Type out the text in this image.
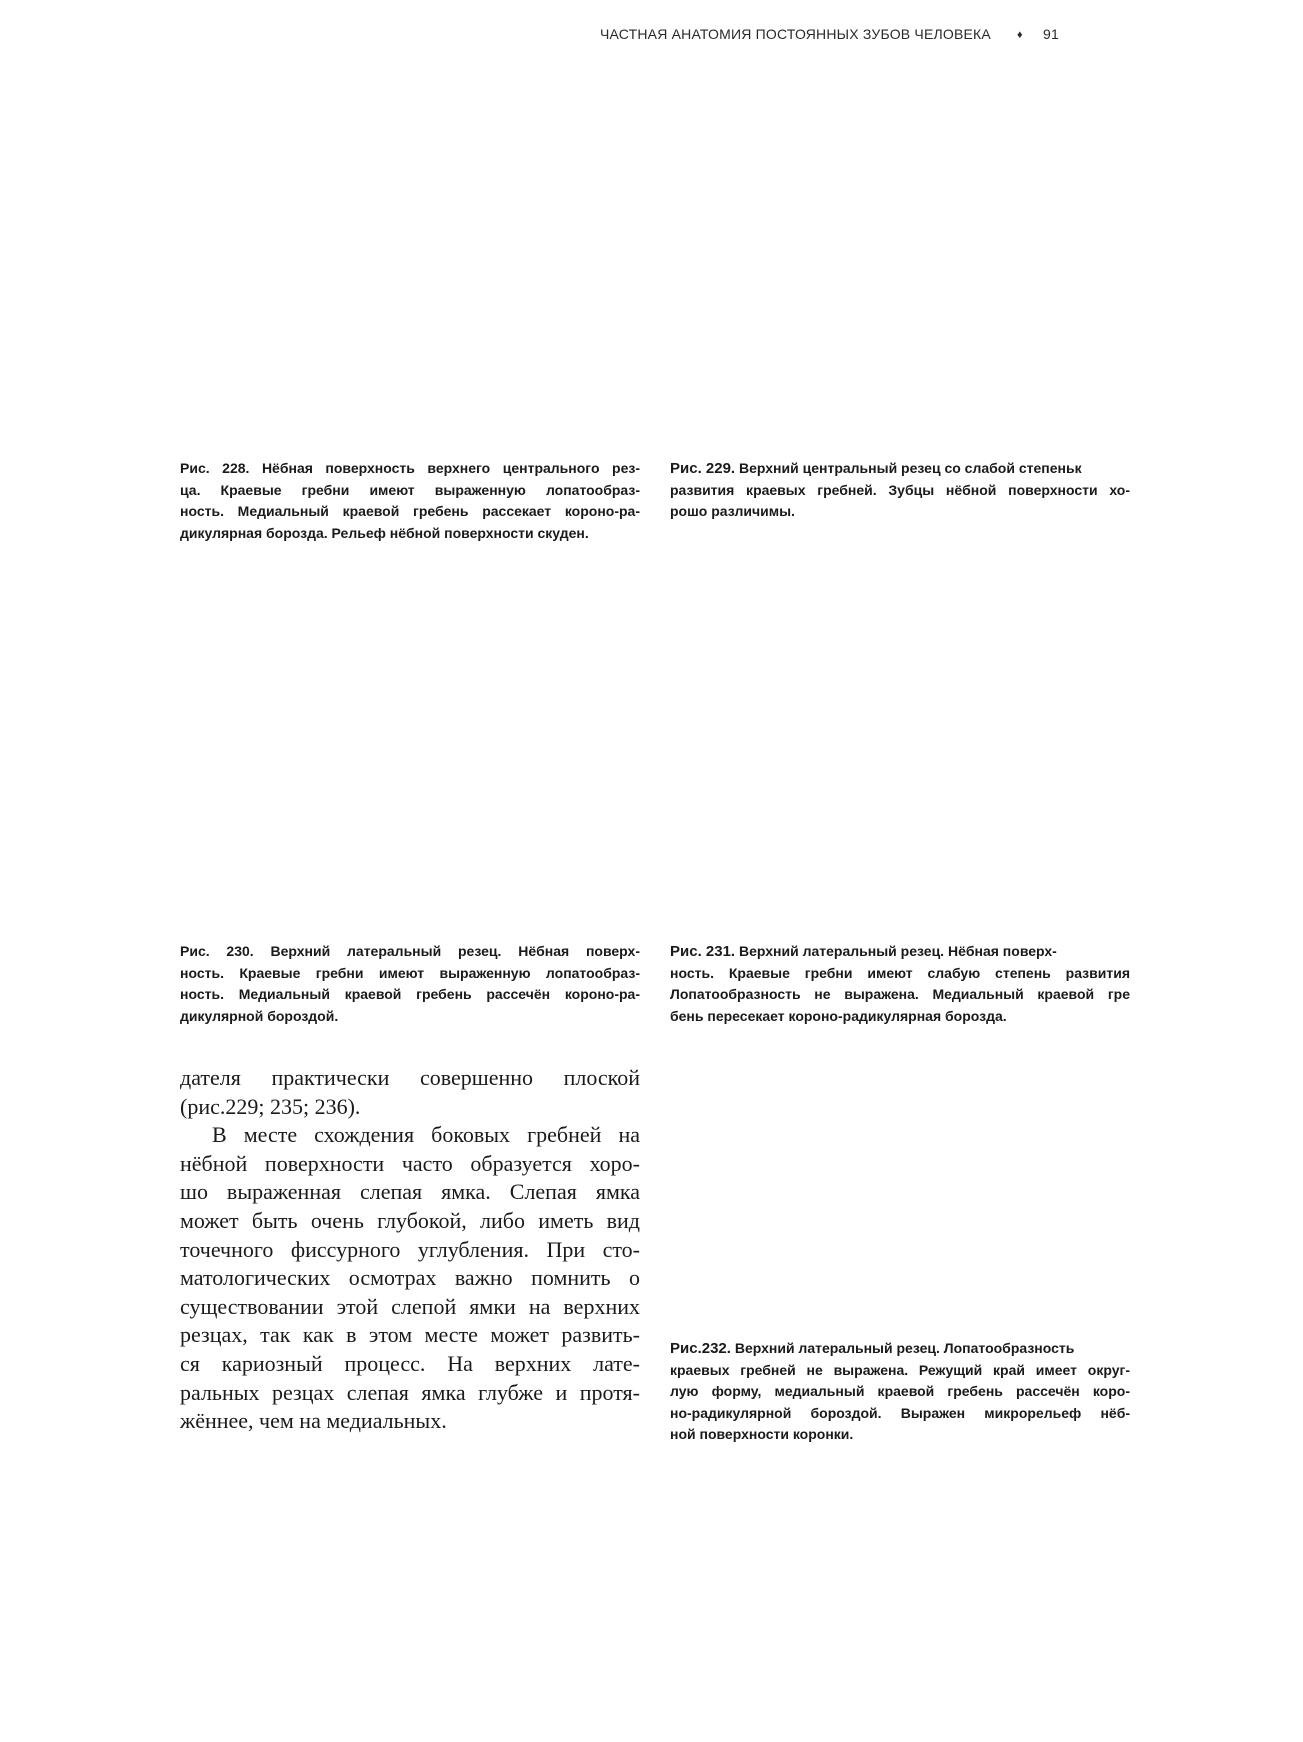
ЧАСТНАЯ АНАТОМИЯ ПОСТОЯННЫХ ЗУБОВ ЧЕЛОВЕКА ♦ 91
Рис. 228. Нёбная поверхность верхнего центрального рез-
ца. Краевые гребни имеют выраженную лопатообраз-
ность. Медиальный краевой гребень рассекает короно-ра-
дикулярная борозда. Рельеф нёбной поверхности скуден.
Рис. 229. Верхний центральный резец со слабой степеньк
развития краевых гребней. Зубцы нёбной поверхности хо-
рошо различимы.
Рис. 230. Верхний латеральный резец. Нёбная поверх-
ность. Краевые гребни имеют выраженную лопатообраз-
ность. Медиальный краевой гребень рассечён короно-ра-
дикулярной бороздой.
Рис. 231. Верхний латеральный резец. Нёбная поверх-
ность. Краевые гребни имеют слабую степень развития
Лопатообразность не выражена. Медиальный краевой гре
бень пересекает короно-радикулярная борозда.
дателя практически совершенно плоской
(рис.229; 235; 236).
В месте схождения боковых гребней на
нёбной поверхности часто образуется хоро-
шо выраженная слепая ямка. Слепая ямка
может быть очень глубокой, либо иметь вид
точечного фиссурного углубления. При сто-
матологических осмотрах важно помнить о
существовании этой слепой ямки на верхних
резцах, так как в этом месте может развить-
ся кариозный процесс. На верхних лате-
ральных резцах слепая ямка глубже и протя-
жённее, чем на медиальных.
Рис.232. Верхний латеральный резец. Лопатообразность
краевых гребней не выражена. Режущий край имеет округ-
лую форму, медиальный краевой гребень рассечён коро-
но-радикулярной бороздой. Выражен микрорельеф нёб-
ной поверхности коронки.
